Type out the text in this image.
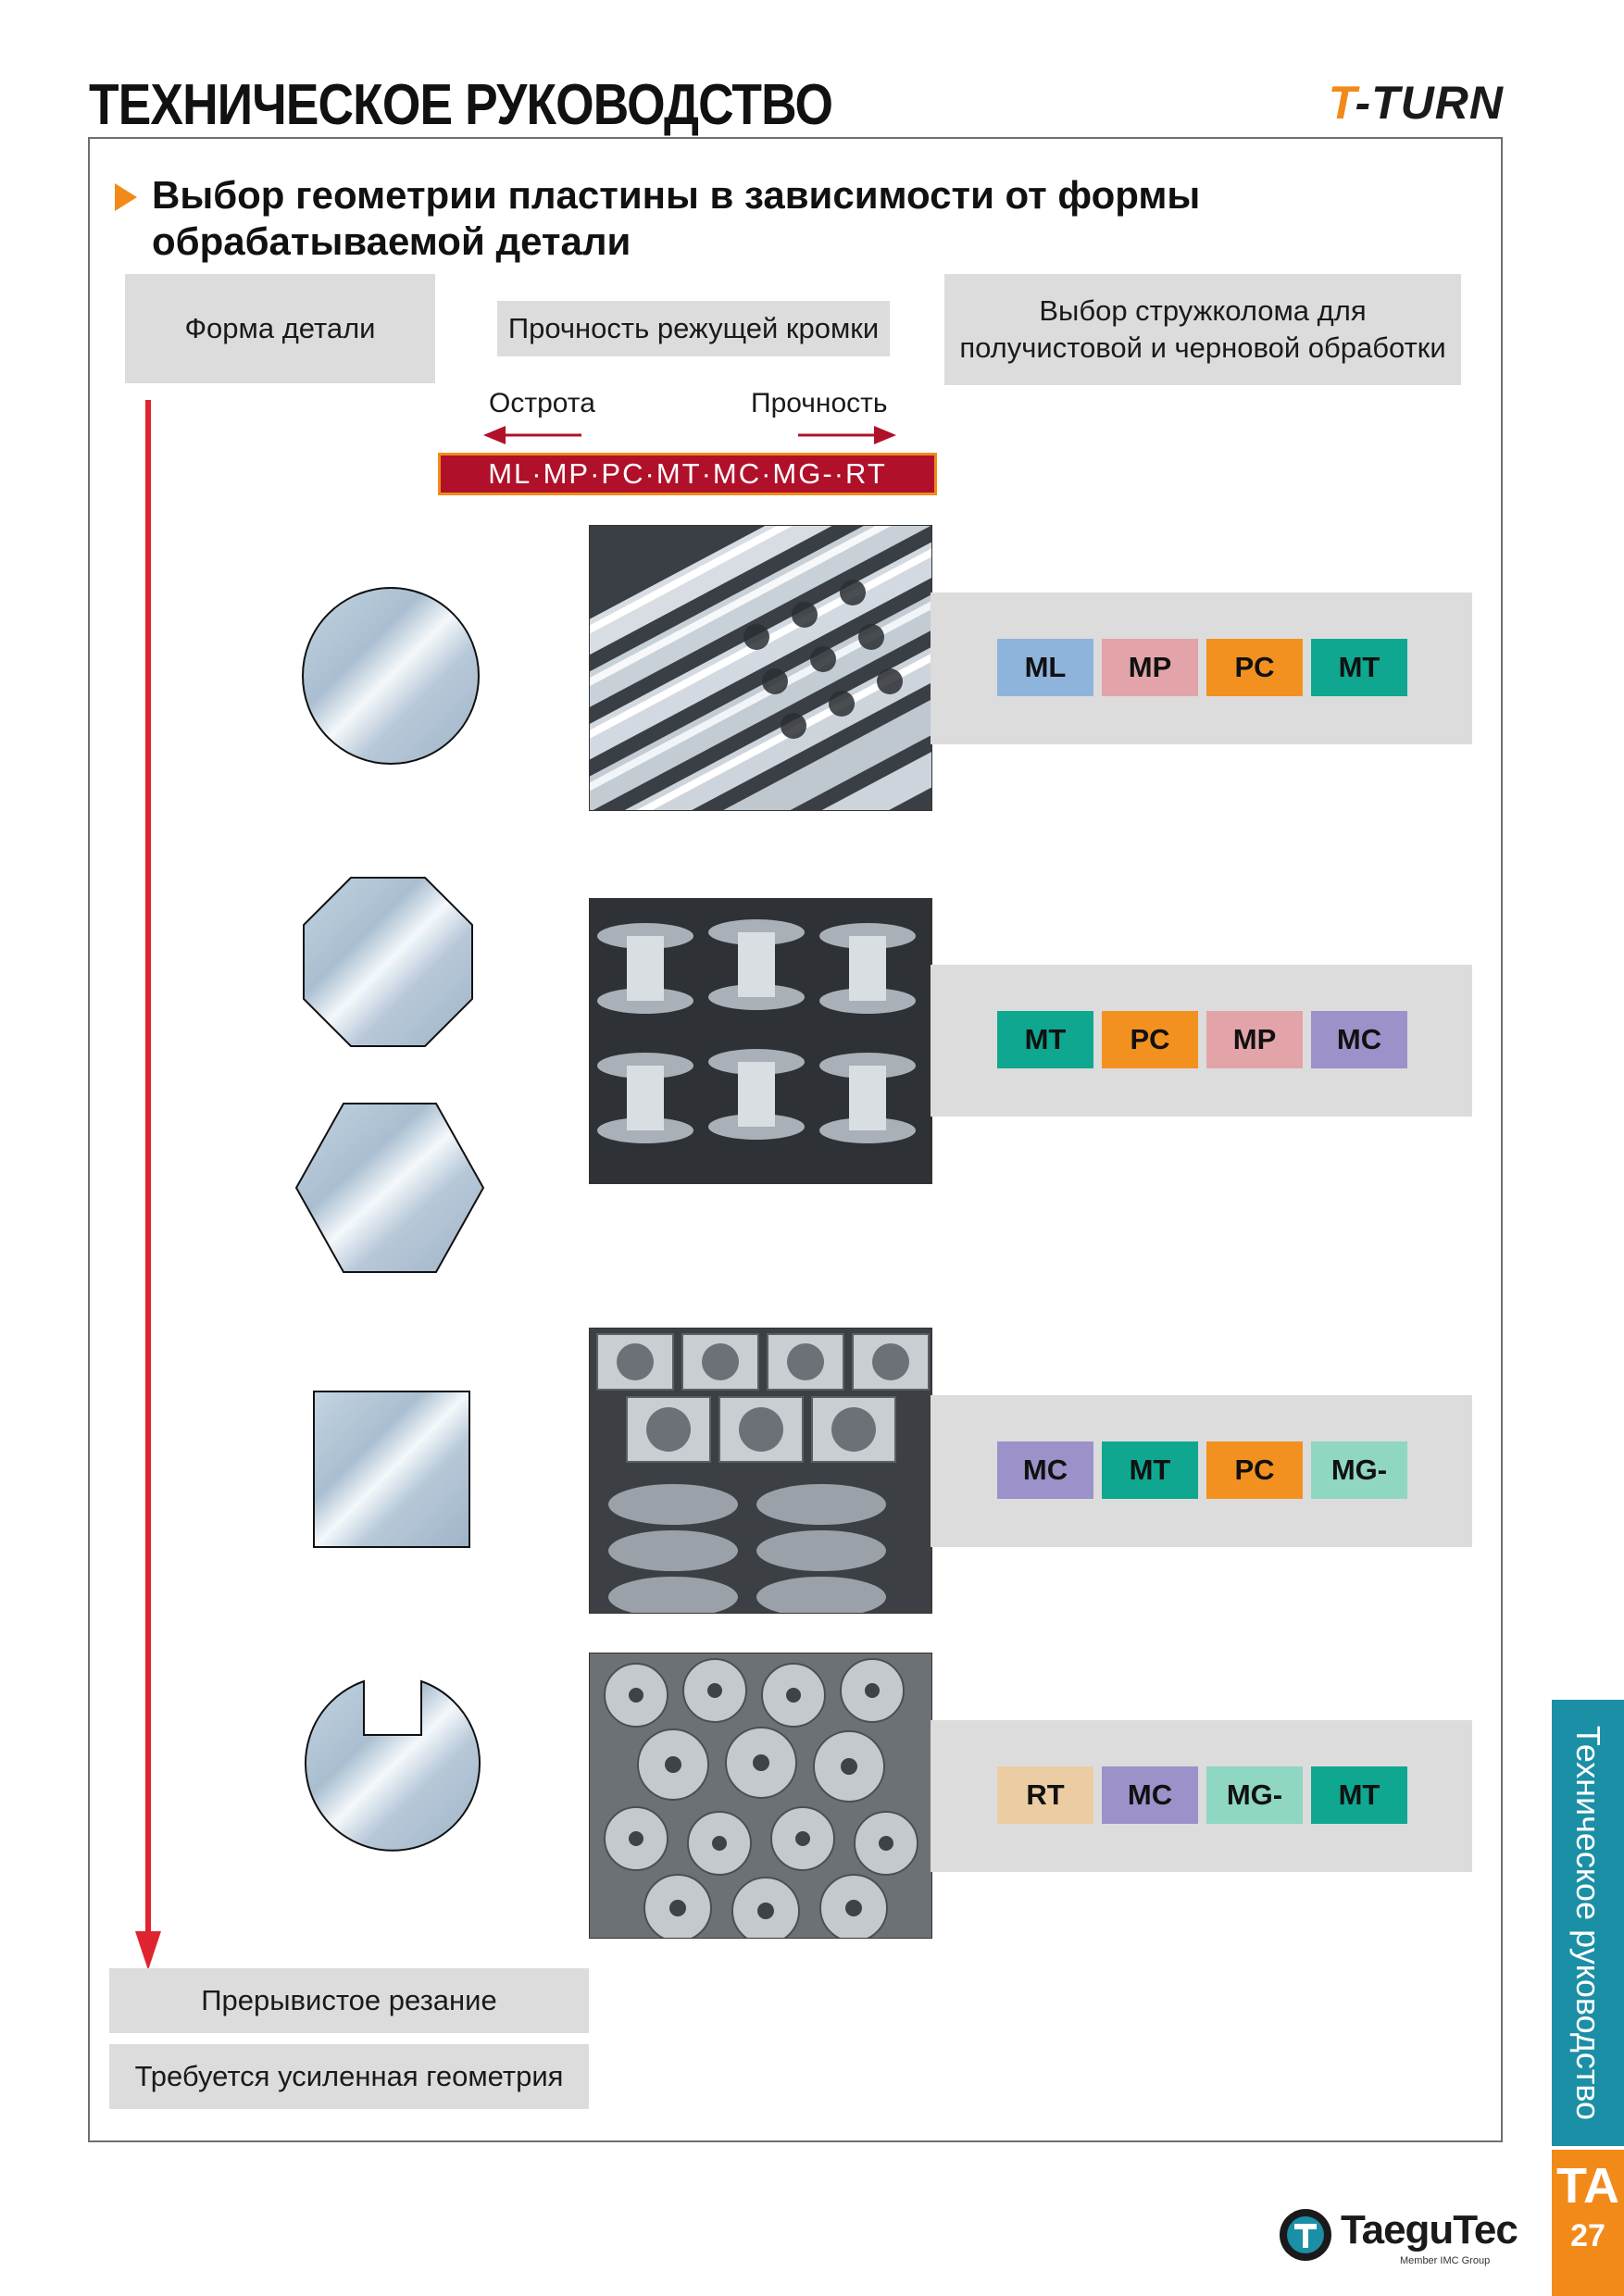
ТЕХНИЧЕСКОЕ РУКОВОДСТВО	T-TURN
Выбор геометрии пластины в зависимости от формы
обрабатываемой детали
Форма детали	Прочность режущей кромки
Выбор стружколома для
получистовой и черновой обработки
Острота	Прочность
ML·MP·PC·MT·MC·MG-·RT
ML	MP	PC	MT
MT	PC	MP	MC
MC	MT	PC	MG-
RT	MC	MG-	MT
Прерывистое резание
Требуется усиленная геометрия	Техническое руководство
TA
27
TaeguTec
Member IMC Group
